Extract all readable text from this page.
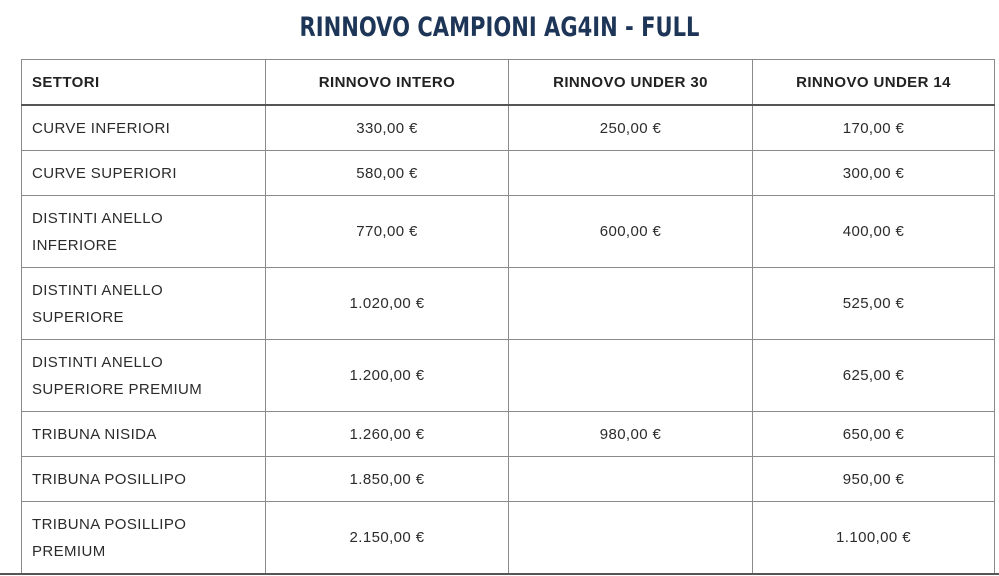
RINNOVO CAMPIONI AG4IN - FULL
SETTORI	RINNOVO INTERO	RINNOVO UNDER 30	RINNOVO UNDER 14
CURVE INFERIORI	330,00 €	250,00 €	170,00 €
CURVE SUPERIORI	580,00 €		300,00 €
DISTINTI ANELLO
INFERIORE	770,00 €	600,00 €	400,00 €
DISTINTI ANELLO
SUPERIORE	1.020,00 €		525,00 €
DISTINTI ANELLO
SUPERIORE PREMIUM	1.200,00 €		625,00 €
TRIBUNA NISIDA	1.260,00 €	980,00 €	650,00 €
TRIBUNA POSILLIPO	1.850,00 €		950,00 €
TRIBUNA POSILLIPO
PREMIUM	2.150,00 €		1.100,00 €
